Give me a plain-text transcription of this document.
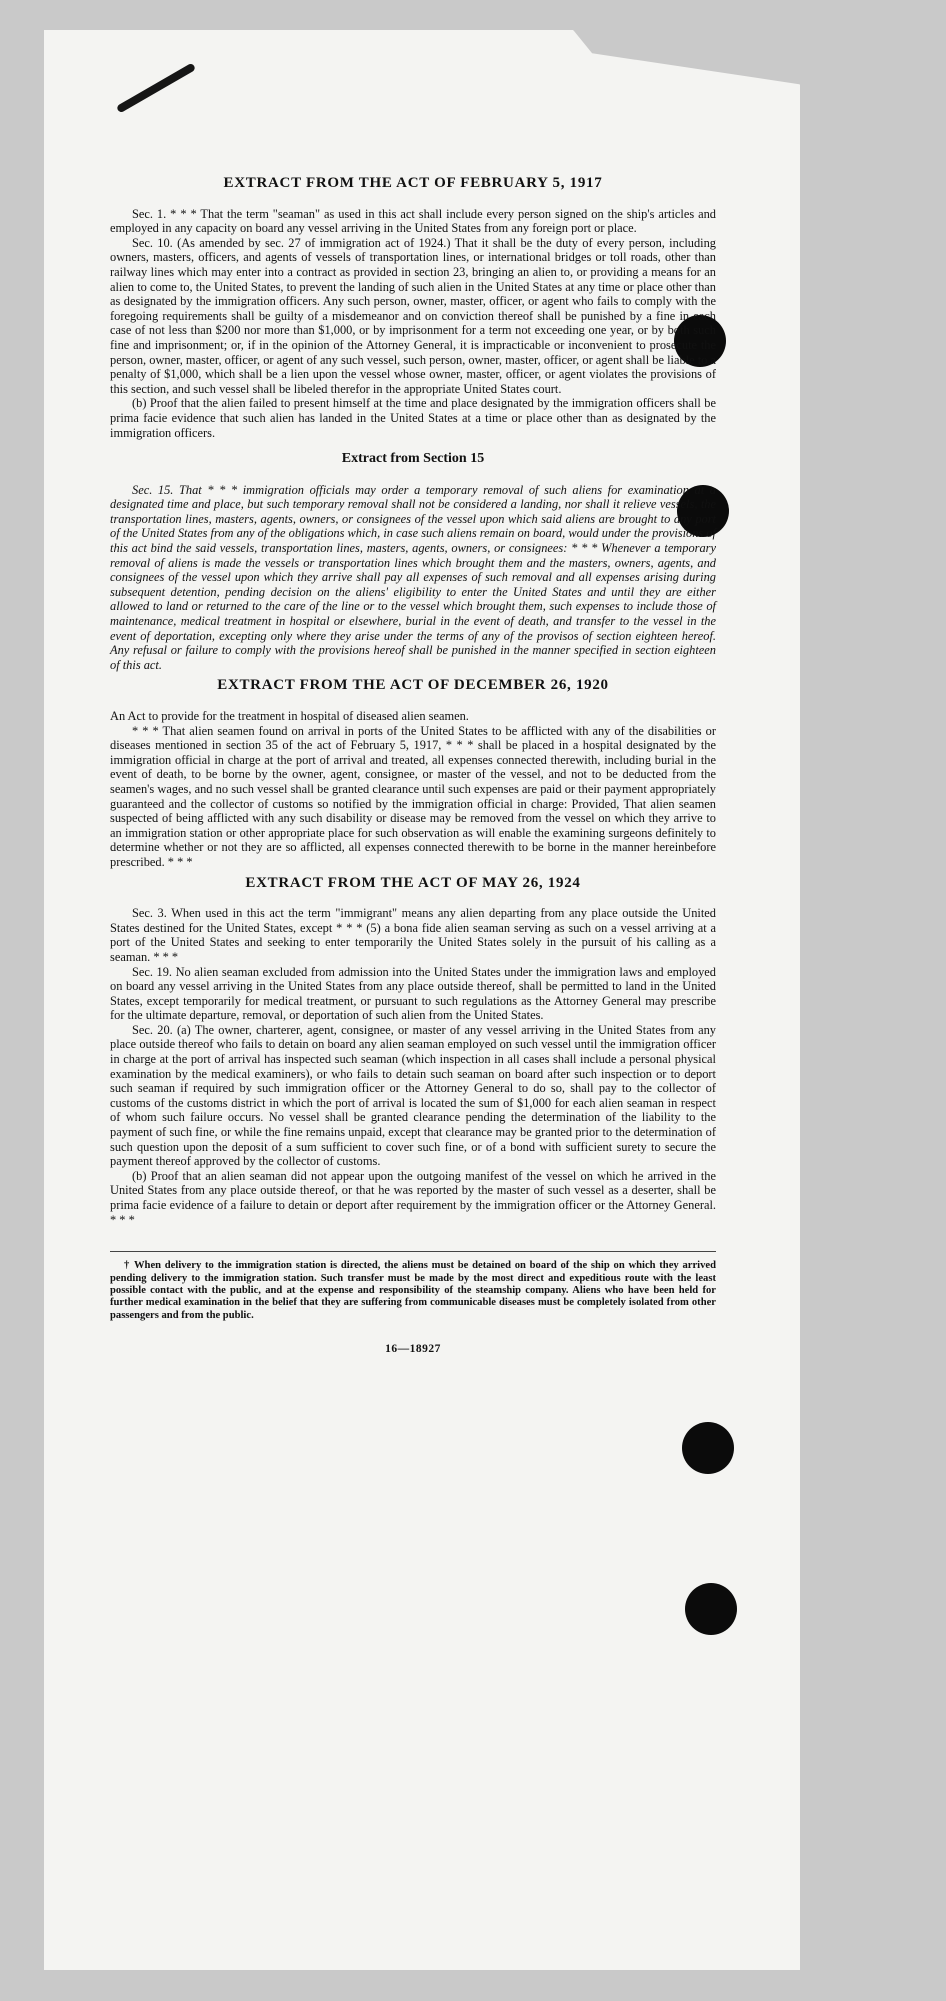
EXTRACT FROM THE ACT OF FEBRUARY 5, 1917

Sec. 1. * * * That the term "seaman" as used in this act shall include every person signed on the ship's articles and employed in any capacity on board any vessel arriving in the United States from any foreign port or place.

Sec. 10. (As amended by sec. 27 of immigration act of 1924.) That it shall be the duty of every person, including owners, masters, officers, and agents of vessels of transportation lines, or international bridges or toll roads, other than railway lines which may enter into a contract as provided in section 23, bringing an alien to, or providing a means for an alien to come to, the United States, to prevent the landing of such alien in the United States at any time or place other than as designated by the immigration officers. Any such person, owner, master, officer, or agent who fails to comply with the foregoing requirements shall be guilty of a misdemeanor and on conviction thereof shall be punished by a fine in each case of not less than $200 nor more than $1,000, or by imprisonment for a term not exceeding one year, or by both such fine and imprisonment; or, if in the opinion of the Attorney General, it is impracticable or inconvenient to prosecute the person, owner, master, officer, or agent of any such vessel, such person, owner, master, officer, or agent shall be liable to a penalty of $1,000, which shall be a lien upon the vessel whose owner, master, officer, or agent violates the provisions of this section, and such vessel shall be libeled therefor in the appropriate United States court.

(b) Proof that the alien failed to present himself at the time and place designated by the immigration officers shall be prima facie evidence that such alien has landed in the United States at a time or place other than as designated by the immigration officers.

Extract from Section 15

Sec. 15. That * * * immigration officials may order a temporary removal of such aliens for examination at a designated time and place, but such temporary removal shall not be considered a landing, nor shall it relieve vessels, the transportation lines, masters, agents, owners, or consignees of the vessel upon which said aliens are brought to any port of the United States from any of the obligations which, in case such aliens remain on board, would under the provisions of this act bind the said vessels, transportation lines, masters, agents, owners, or consignees: * * * Whenever a temporary removal of aliens is made the vessels or transportation lines which brought them and the masters, owners, agents, and consignees of the vessel upon which they arrive shall pay all expenses of such removal and all expenses arising during subsequent detention, pending decision on the aliens' eligibility to enter the United States and until they are either allowed to land or returned to the care of the line or to the vessel which brought them, such expenses to include those of maintenance, medical treatment in hospital or elsewhere, burial in the event of death, and transfer to the vessel in the event of deportation, excepting only where they arise under the terms of any of the provisos of section eighteen hereof. Any refusal or failure to comply with the provisions hereof shall be punished in the manner specified in section eighteen of this act.

EXTRACT FROM THE ACT OF DECEMBER 26, 1920

An Act to provide for the treatment in hospital of diseased alien seamen.

* * * That alien seamen found on arrival in ports of the United States to be afflicted with any of the disabilities or diseases mentioned in section 35 of the act of February 5, 1917, * * * shall be placed in a hospital designated by the immigration official in charge at the port of arrival and treated, all expenses connected therewith, including burial in the event of death, to be borne by the owner, agent, consignee, or master of the vessel, and not to be deducted from the seamen's wages, and no such vessel shall be granted clearance until such expenses are paid or their payment appropriately guaranteed and the collector of customs so notified by the immigration official in charge: Provided, That alien seamen suspected of being afflicted with any such disability or disease may be removed from the vessel on which they arrive to an immigration station or other appropriate place for such observation as will enable the examining surgeons definitely to determine whether or not they are so afflicted, all expenses connected therewith to be borne in the manner hereinbefore prescribed. * * *

EXTRACT FROM THE ACT OF MAY 26, 1924

Sec. 3. When used in this act the term "immigrant" means any alien departing from any place outside the United States destined for the United States, except * * * (5) a bona fide alien seaman serving as such on a vessel arriving at a port of the United States and seeking to enter temporarily the United States solely in the pursuit of his calling as a seaman. * * *

Sec. 19. No alien seaman excluded from admission into the United States under the immigration laws and employed on board any vessel arriving in the United States from any place outside thereof, shall be permitted to land in the United States, except temporarily for medical treatment, or pursuant to such regulations as the Attorney General may prescribe for the ultimate departure, removal, or deportation of such alien from the United States.

Sec. 20. (a) The owner, charterer, agent, consignee, or master of any vessel arriving in the United States from any place outside thereof who fails to detain on board any alien seaman employed on such vessel until the immigration officer in charge at the port of arrival has inspected such seaman (which inspection in all cases shall include a personal physical examination by the medical examiners), or who fails to detain such seaman on board after such inspection or to deport such seaman if required by such immigration officer or the Attorney General to do so, shall pay to the collector of customs of the customs district in which the port of arrival is located the sum of $1,000 for each alien seaman in respect of whom such failure occurs. No vessel shall be granted clearance pending the determination of the liability to the payment of such fine, or while the fine remains unpaid, except that clearance may be granted prior to the determination of such question upon the deposit of a sum sufficient to cover such fine, or of a bond with sufficient surety to secure the payment thereof approved by the collector of customs.

(b) Proof that an alien seaman did not appear upon the outgoing manifest of the vessel on which he arrived in the United States from any place outside thereof, or that he was reported by the master of such vessel as a deserter, shall be prima facie evidence of a failure to detain or deport after requirement by the immigration officer or the Attorney General. * * *

† When delivery to the immigration station is directed, the aliens must be detained on board of the ship on which they arrived pending delivery to the immigration station. Such transfer must be made by the most direct and expeditious route with the least possible contact with the public, and at the expense and responsibility of the steamship company. Aliens who have been held for further medical examination in the belief that they are suffering from communicable diseases must be completely isolated from other passengers and from the public.
16—18927
